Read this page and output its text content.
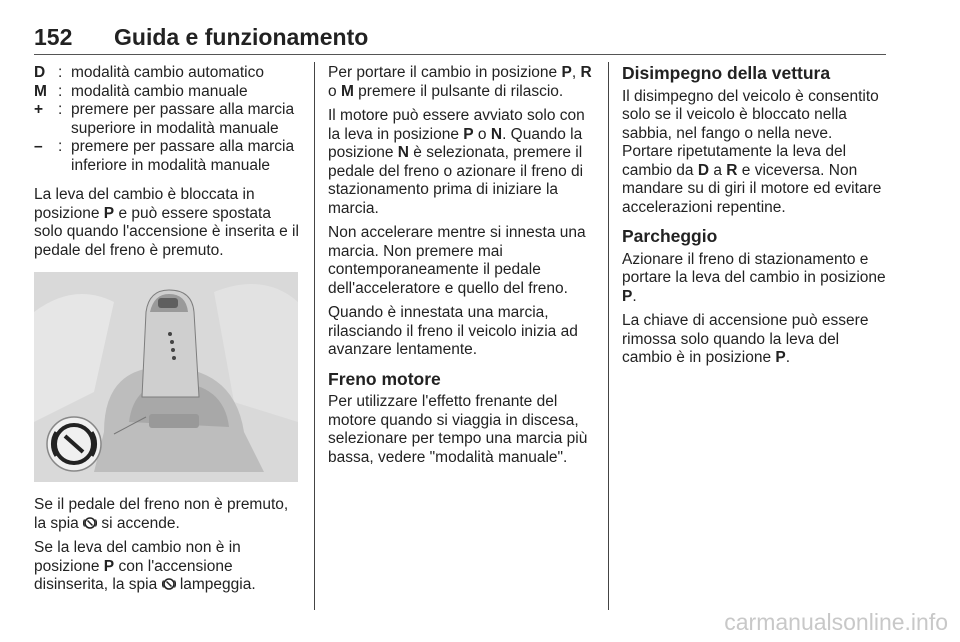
152 Guida e funzionamento
D : modalità cambio automatico
M : modalità cambio manuale
+ : premere per passare alla marcia superiore in modalità manuale
– : premere per passare alla marcia inferiore in modalità manuale

La leva del cambio è bloccata in posizione P e può essere spostata solo quando l'accensione è inserita e il pedale del freno è premuto.

Se il pedale del freno non è premuto, la spia  si accende.

Se la leva del cambio non è in posizione P con l'accensione disinserita, la spia  lampeggia.

Per portare il cambio in posizione P, R o M premere il pulsante di rilascio.

Il motore può essere avviato solo con la leva in posizione P o N. Quando la posizione N è selezionata, premere il pedale del freno o azionare il freno di stazionamento prima di iniziare la marcia.

Non accelerare mentre si innesta una marcia. Non premere mai contemporaneamente il pedale dell'acceleratore e quello del freno.

Quando è innestata una marcia, rilasciando il freno il veicolo inizia ad avanzare lentamente.

Freno motore

Per utilizzare l'effetto frenante del motore quando si viaggia in discesa, selezionare per tempo una marcia più bassa, vedere "modalità manuale".

Disimpegno della vettura

Il disimpegno del veicolo è consentito solo se il veicolo è bloccato nella sabbia, nel fango o nella neve.

Portare ripetutamente la leva del cambio da D a R e viceversa. Non mandare su di giri il motore ed evitare accelerazioni repentine.

Parcheggio

Azionare il freno di stazionamento e portare la leva del cambio in posizione P.

La chiave di accensione può essere rimossa solo quando la leva del cambio è in posizione P.

carmanualsonline.info
